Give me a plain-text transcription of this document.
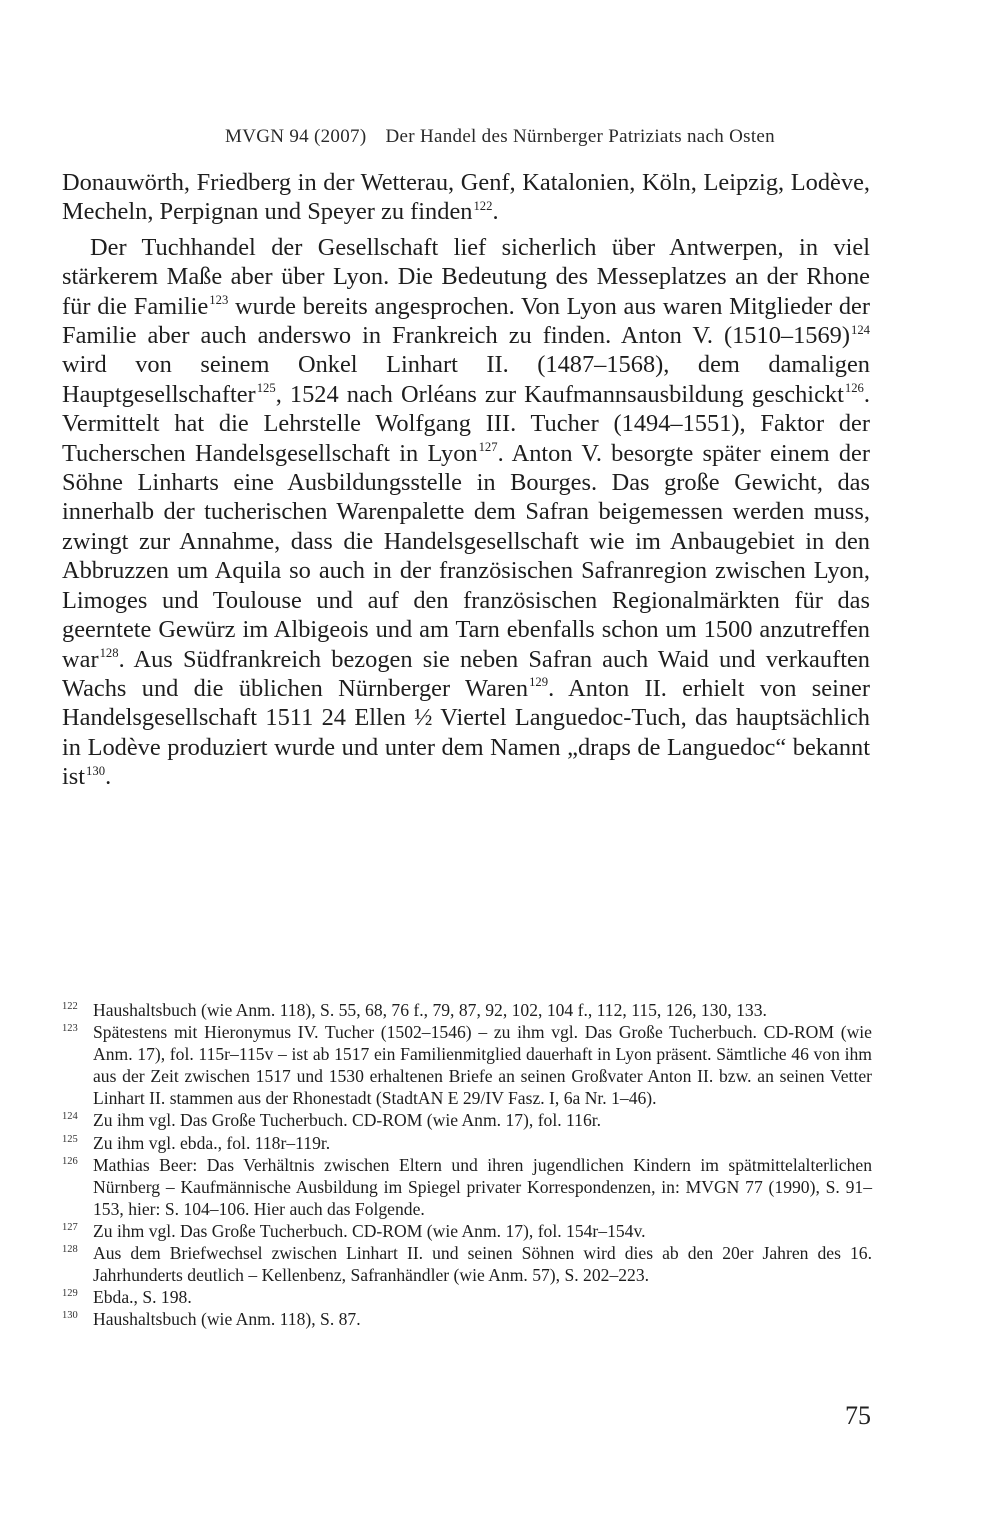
MVGN 94 (2007) Der Handel des Nürnberger Patriziats nach Osten

Donauwörth, Friedberg in der Wetterau, Genf, Katalonien, Köln, Leipzig, Lodève, Mecheln, Perpignan und Speyer zu finden$^{122}$.

Der Tuchhandel der Gesellschaft lief sicherlich über Antwerpen, in viel stärkerem Maße aber über Lyon. Die Bedeutung des Messeplatzes an der Rhone für die Familie$^{123}$ wurde bereits angesprochen. Von Lyon aus waren Mitglieder der Familie aber auch anderswo in Frankreich zu finden. Anton V. (1510–1569)$^{124}$ wird von seinem Onkel Linhart II. (1487–1568), dem damaligen Hauptgesellschafter$^{125}$, 1524 nach Orléans zur Kaufmannsausbildung geschickt$^{126}$. Vermittelt hat die Lehrstelle Wolfgang III. Tucher (1494–1551), Faktor der Tucherschen Handelsgesellschaft in Lyon$^{127}$. Anton V. besorgte später einem der Söhne Linharts eine Ausbildungsstelle in Bourges. Das große Gewicht, das innerhalb der tucherischen Warenpalette dem Safran beigemessen werden muss, zwingt zur Annahme, dass die Handelsgesellschaft wie im Anbaugebiet in den Abbruzzen um Aquila so auch in der französischen Safranregion zwischen Lyon, Limoges und Toulouse und auf den französischen Regionalmärkten für das geerntete Gewürz im Albigeois und am Tarn ebenfalls schon um 1500 anzutreffen war$^{128}$. Aus Südfrankreich bezogen sie neben Safran auch Waid und verkauften Wachs und die üblichen Nürnberger Waren$^{129}$. Anton II. erhielt von seiner Handelsgesellschaft 1511 24 Ellen ½ Viertel Languedoc-Tuch, das hauptsächlich in Lodève produziert wurde und unter dem Namen „draps de Languedoc“ bekannt ist$^{130}$.

122 Haushaltsbuch (wie Anm. 118), S. 55, 68, 76 f., 79, 87, 92, 102, 104 f., 112, 115, 126, 130, 133.
123 Spätestens mit Hieronymus IV. Tucher (1502–1546) – zu ihm vgl. Das Große Tucherbuch. CD-ROM (wie Anm. 17), fol. 115r–115v – ist ab 1517 ein Familienmitglied dauerhaft in Lyon präsent. Sämtliche 46 von ihm aus der Zeit zwischen 1517 und 1530 erhaltenen Briefe an seinen Großvater Anton II. bzw. an seinen Vetter Linhart II. stammen aus der Rhonestadt (StadtAN E 29/IV Fasz. I, 6a Nr. 1–46).
124 Zu ihm vgl. Das Große Tucherbuch. CD-ROM (wie Anm. 17), fol. 116r.
125 Zu ihm vgl. ebda., fol. 118r–119r.
126 Mathias Beer: Das Verhältnis zwischen Eltern und ihren jugendlichen Kindern im spätmittelalterlichen Nürnberg – Kaufmännische Ausbildung im Spiegel privater Korrespondenzen, in: MVGN 77 (1990), S. 91–153, hier: S. 104–106. Hier auch das Folgende.
127 Zu ihm vgl. Das Große Tucherbuch. CD-ROM (wie Anm. 17), fol. 154r–154v.
128 Aus dem Briefwechsel zwischen Linhart II. und seinen Söhnen wird dies ab den 20er Jahren des 16. Jahrhunderts deutlich – Kellenbenz, Safranhändler (wie Anm. 57), S. 202–223.
129 Ebda., S. 198.
130 Haushaltsbuch (wie Anm. 118), S. 87.
75
